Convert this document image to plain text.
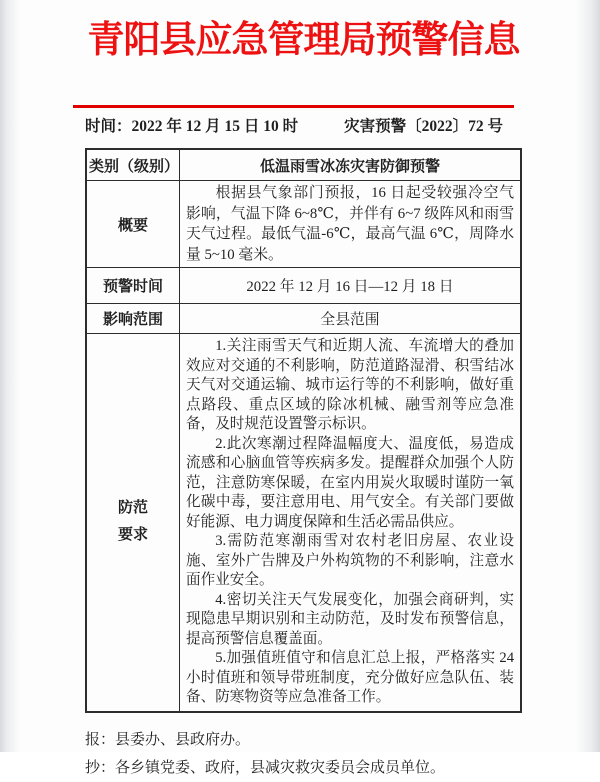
青阳县应急管理局预警信息
时间：2022 年 12 月 15 日 10 时	灾害预警〔2022〕72 号
类别（级别）	低温雨雪冰冻灾害防御预警
概要	根据县气象部门预报，16 日起受较强冷空气影响，气温下降 6~8℃，并伴有 6~7 级阵风和雨雪天气过程。最低气温-6℃，最高气温 6℃，周降水量 5~10 毫米。

预警时间	2022 年 12 月 16 日—12 月 18 日
影响范围	全县范围
防范要求	1.关注雨雪天气和近期人流、车流增大的叠加效应对交通的不利影响，防范道路湿滑、积雪结冰天气对交通运输、城市运行等的不利影响，做好重点路段、重点区域的除冰机械、融雪剂等应急准备，及时规范设置警示标识。

2.此次寒潮过程降温幅度大、温度低，易造成流感和心脑血管等疾病多发。提醒群众加强个人防范，注意防寒保暖，在室内用炭火取暖时谨防一氧化碳中毒，要注意用电、用气安全。有关部门要做好能源、电力调度保障和生活必需品供应。

3.需防范寒潮雨雪对农村老旧房屋、农业设施、室外广告牌及户外构筑物的不利影响，注意水面作业安全。

4.密切关注天气发展变化，加强会商研判，实现隐患早期识别和主动防范，及时发布预警信息，提高预警信息覆盖面。

5.加强值班值守和信息汇总上报，严格落实 24 小时值班和领导带班制度，充分做好应急队伍、装备、防寒物资等应急准备工作。

报：县委办、县政府办。

抄：各乡镇党委、政府，县减灾救灾委员会成员单位。
